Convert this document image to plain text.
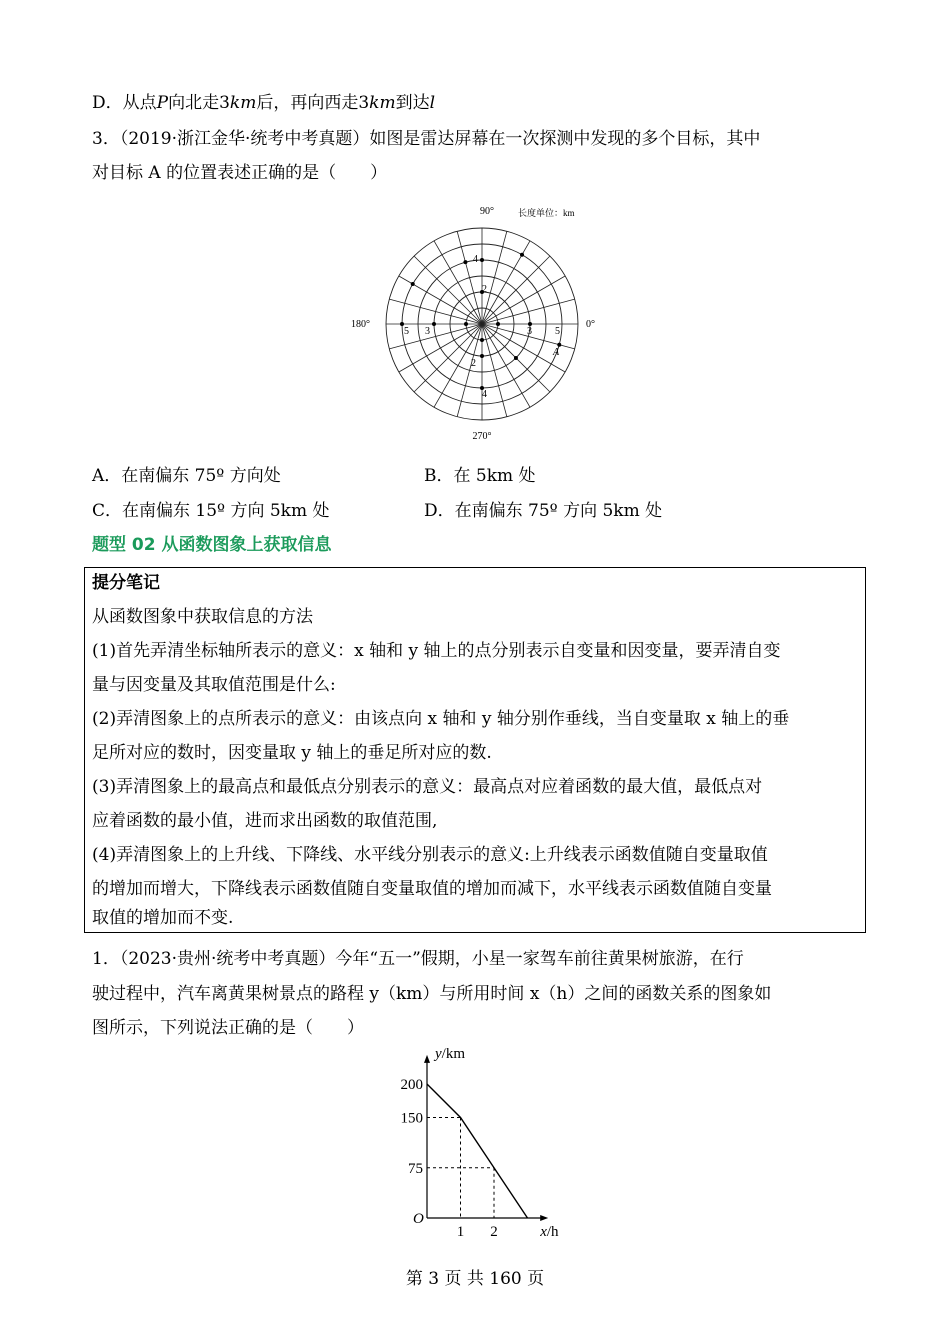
D．从点P向北走3km后，再向西走3km到达l
3．（2019·浙江金华·统考中考真题）如图是雷达屏幕在一次探测中发现的多个目标，其中
对目标 A 的位置表述正确的是（　　）
90°	长度单位：km
180°	0°
270°
4
2
5 3	3 5
2
4
A
A．在南偏东 75º 方向处	B．在 5km 处
C．在南偏东 15º 方向 5km 处	D．在南偏东 75º 方向 5km 处
题型 02 从函数图象上获取信息
提分笔记
从函数图象中获取信息的方法
(1)首先弄清坐标轴所表示的意义：x 轴和 y 轴上的点分别表示自变量和因变量，要弄清自变
量与因变量及其取值范围是什么:
(2)弄清图象上的点所表示的意义：由该点向 x 轴和 y 轴分别作垂线，当自变量取 x 轴上的垂
足所对应的数时，因变量取 y 轴上的垂足所对应的数.
(3)弄清图象上的最高点和最低点分别表示的意义：最高点对应着函数的最大值，最低点对
应着函数的最小值，进而求出函数的取值范围,
(4)弄清图象上的上升线、下降线、水平线分别表示的意义:上升线表示函数值随自变量取值
的增加而增大，下降线表示函数值随自变量取值的增加而减下，水平线表示函数值随自变量
取值的增加而不变.
1．（2023·贵州·统考中考真题）今年“五一”假期，小星一家驾车前往黄果树旅游，在行
驶过程中，汽车离黄果树景点的路程 y（km）与所用时间 x（h）之间的函数关系的图象如
图所示，下列说法正确的是（　　）
200
150
75
1 2
O
y/km
x/h
第 3 页 共 160 页
